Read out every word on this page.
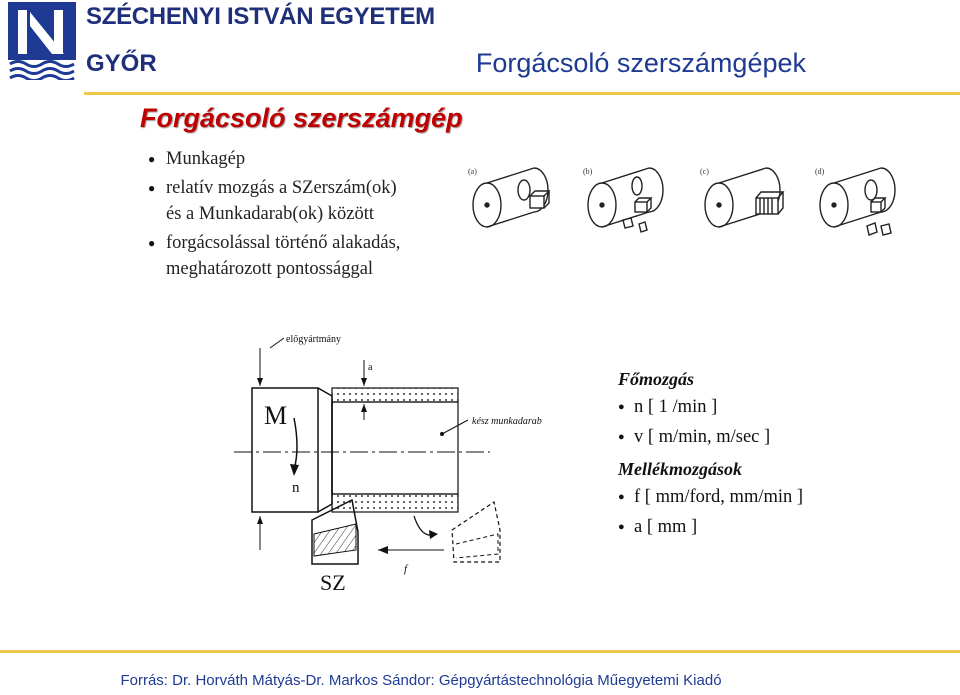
SZÉCHENYI ISTVÁN EGYETEM
GYŐR	Forgácsoló szerszámgépek
Forgácsoló szerszámgép
● Munkagép
● relatív mozgás a SZerszám(ok)
és a Munkadarab(ok) között
● forgácsolással történő alakadás,
meghatározott pontossággal
(a)	(b)	(c)	(d)
előgyártmány
a
kész munkadarab
M
n
SZ
f
Főmozgás
● n [ 1 /min ]
● v [ m/min, m/sec ]
Mellékmozgások
● f [ mm/ford, mm/min ]
● a [ mm ]
Forrás: Dr. Horváth Mátyás-Dr. Markos Sándor: Gépgyártástechnológia Műegyetemi Kiadó
